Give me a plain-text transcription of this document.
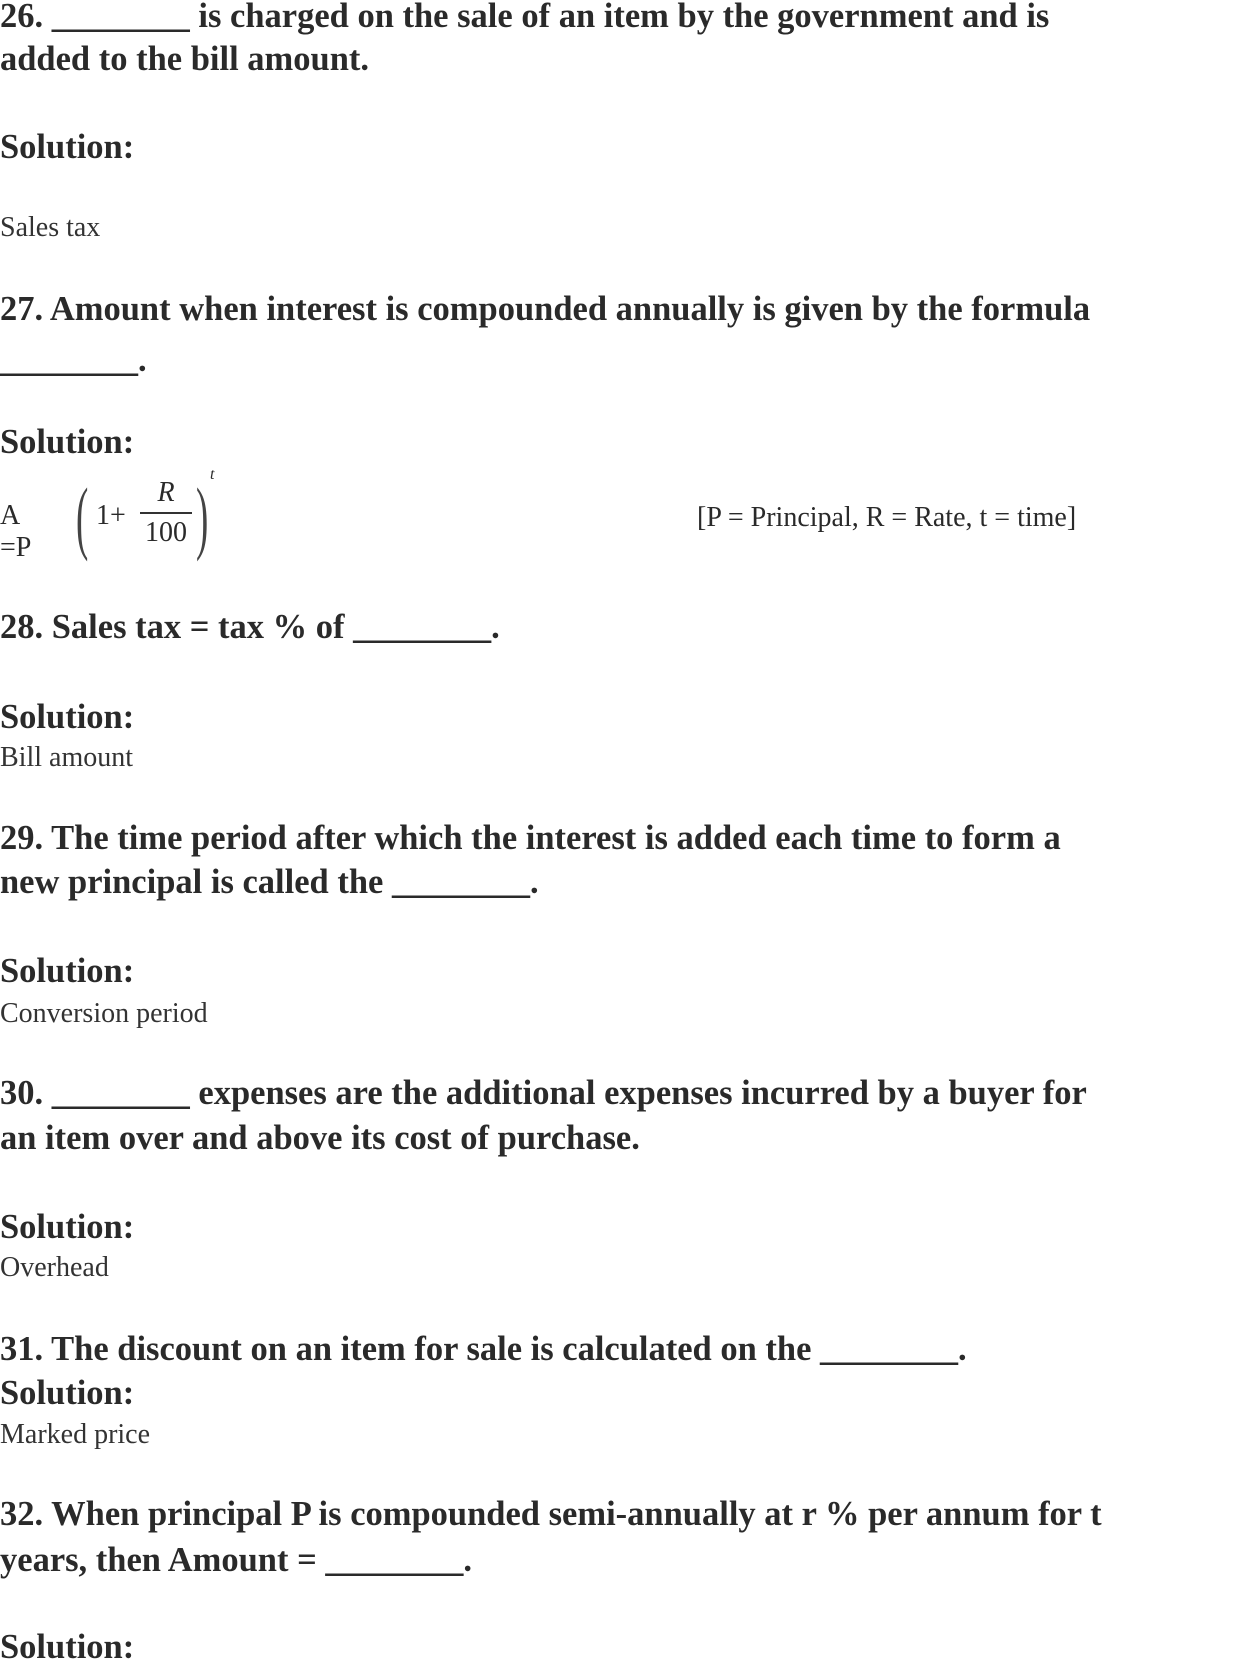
26. ________ is charged on the sale of an item by the government and is
added to the bill amount.
Solution:
Sales tax
27. Amount when interest is compounded annually is given by the formula
________.
Solution:
A =P ( 1+
R
100 ) t
[P = Principal, R = Rate, t = time]
28. Sales tax = tax % of ________.
Solution:
Bill amount
29. The time period after which the interest is added each time to form a
new principal is called the ________.
Solution:
Conversion period
30. ________ expenses are the additional expenses incurred by a buyer for
an item over and above its cost of purchase.
Solution:
Overhead
31. The discount on an item for sale is calculated on the ________.
Solution:
Marked price
32. When principal P is compounded semi-annually at r % per annum for t
years, then Amount = ________.
Solution:
